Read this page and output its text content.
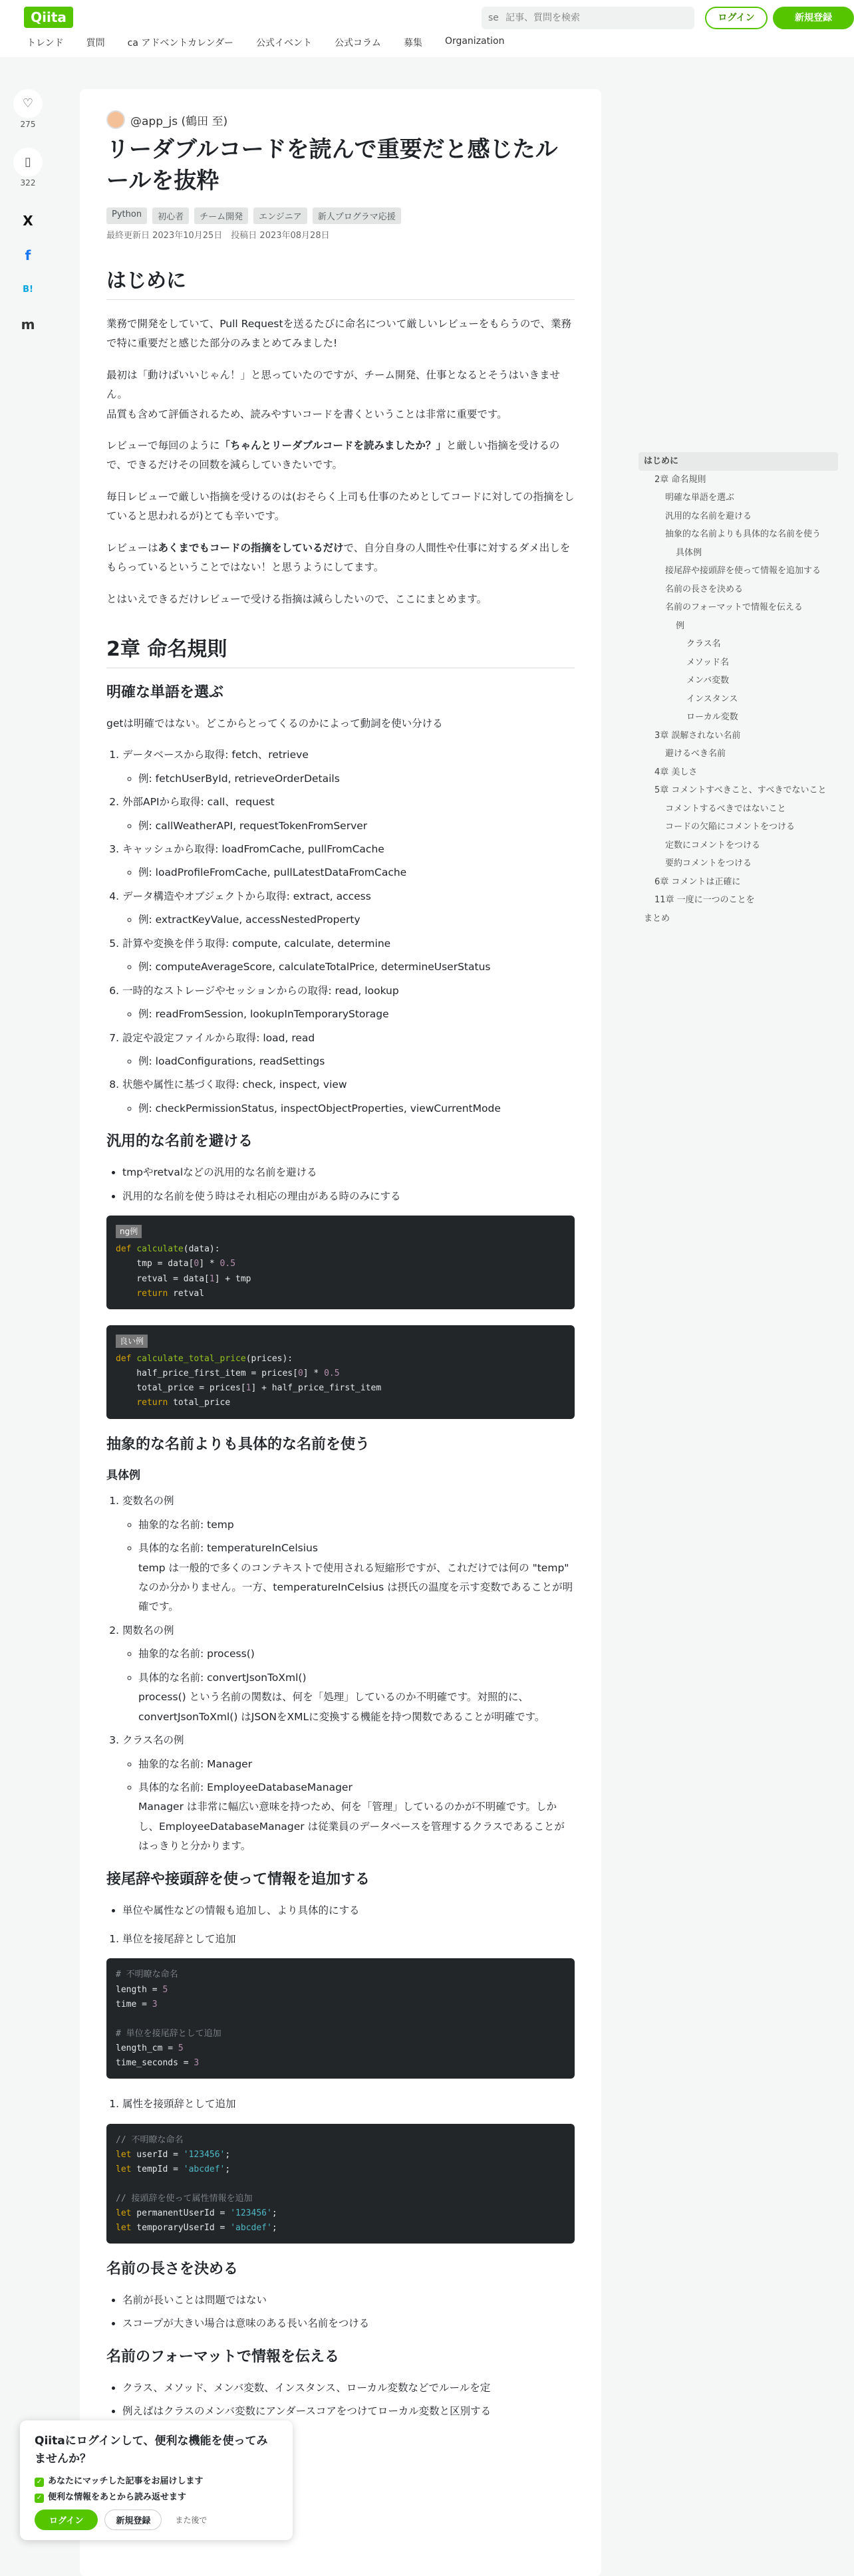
Qiita	se 記事、質問を検索	ログイン	新規登録
トレンド 質問 ca アドベントカレンダー 公式イベント 公式コラム 募集 Organization
♡
275
▯
322
X
f
B!
m
@app_js (鶴田 至)
リーダブルコードを読んで重要だと感じたルールを抜粋
Python	初心者	チーム開発	エンジニア	新人プログラマ応援
最終更新日 2023年10月25日　投稿日 2023年08月28日
はじめに

業務で開発をしていて、Pull Requestを送るたびに命名について厳しいレビューをもらうので、業務で特に重要だと感じた部分のみまとめてみました!

最初は「動けばいいじゃん！」と思っていたのですが、チーム開発、仕事となるとそうはいきません。
品質も含めて評価されるため、読みやすいコードを書くということは非常に重要です。

レビューで毎回のように「ちゃんとリーダブルコードを読みましたか？」と厳しい指摘を受けるので、できるだけその回数を減らしていきたいです。

毎日レビューで厳しい指摘を受けるのは(おそらく上司も仕事のためとしてコードに対しての指摘をしていると思われるが)とても辛いです。

レビューはあくまでもコードの指摘をしているだけで、自分自身の人間性や仕事に対するダメ出しをもらっているということではない！と思うようにしてます。

とはいえできるだけレビューで受ける指摘は減らしたいので、ここにまとめます。

2章 命名規則
明確な単語を選ぶ

getは明確ではない。どこからとってくるのかによって動詞を使い分ける

1. データベースから取得: fetch、retrieve
◦ 例: fetchUserById, retrieveOrderDetails
2. 外部APIから取得: call、request
◦ 例: callWeatherAPI, requestTokenFromServer
3. キャッシュから取得: loadFromCache, pullFromCache
◦ 例: loadProfileFromCache, pullLatestDataFromCache
4. データ構造やオブジェクトから取得: extract, access
◦ 例: extractKeyValue, accessNestedProperty
5. 計算や変換を伴う取得: compute, calculate, determine
◦ 例: computeAverageScore, calculateTotalPrice, determineUserStatus
6. 一時的なストレージやセッションからの取得: read, lookup
◦ 例: readFromSession, lookupInTemporaryStorage
7. 設定や設定ファイルから取得: load, read
◦ 例: loadConfigurations, readSettings
8. 状態や属性に基づく取得: check, inspect, view
◦ 例: checkPermissionStatus, inspectObjectProperties, viewCurrentMode
汎用的な名前を避ける
• tmpやretvalなどの汎用的な名前を避ける
• 汎用的な名前を使う時はそれ相応の理由がある時のみにする
ng例
def calculate(data):
tmp = data[0] * 0.5
retval = data[1] + tmp
return retval
良い例
def calculate_total_price(prices):
half_price_first_item = prices[0] * 0.5
total_price = prices[1] + half_price_first_item
return total_price
抽象的な名前よりも具体的な名前を使う
具体例
1. 変数名の例
◦ 抽象的な名前: temp
◦ 具体的な名前: temperatureInCelsius
temp は一般的で多くのコンテキストで使用される短縮形ですが、これだけでは何の "temp" なのか分かりません。一方、temperatureInCelsius は摂氏の温度を示す変数であることが明確です。
2. 関数名の例
◦ 抽象的な名前: process()
◦ 具体的な名前: convertJsonToXml()
process() という名前の関数は、何を「処理」しているのか不明確です。対照的に、convertJsonToXml() はJSONをXMLに変換する機能を持つ関数であることが明確です。
3. クラス名の例
◦ 抽象的な名前: Manager
◦ 具体的な名前: EmployeeDatabaseManager
Manager は非常に幅広い意味を持つため、何を「管理」しているのかが不明確です。しかし、EmployeeDatabaseManager は従業員のデータベースを管理するクラスであることがはっきりと分かります。
接尾辞や接頭辞を使って情報を追加する
• 単位や属性などの情報も追加し、より具体的にする
1. 単位を接尾辞として追加
# 不明瞭な命名
length = 5
time = 3

# 単位を接尾辞として追加
length_cm = 5
time_seconds = 3
1. 属性を接頭辞として追加
// 不明瞭な命名
let userId = '123456';
let tempId = 'abcdef';

// 接頭辞を使って属性情報を追加
let permanentUserId = '123456';
let temporaryUserId = 'abcdef';
名前の長さを決める
• 名前が長いことは問題ではない
• スコープが大きい場合は意味のある長い名前をつける
名前のフォーマットで情報を伝える
• クラス、メソッド、メンバ変数、インスタンス、ローカル変数などでルールを定
• 例えばはクラスのメンバ変数にアンダースコアをつけてローカル変数と区別する
はじめに
2章 命名規則
明確な単語を選ぶ
汎用的な名前を避ける
抽象的な名前よりも具体的な名前を使う
具体例
接尾辞や接頭辞を使って情報を追加する
名前の長さを決める
名前のフォーマットで情報を伝える
例
クラス名
メソッド名
メンバ変数
インスタンス
ローカル変数
3章 誤解されない名前
避けるべき名前
4章 美しさ
5章 コメントすべきこと、すべきでないこと
コメントするべきではないこと
コードの欠陥にコメントをつける
定数にコメントをつける
要約コメントをつける
6章 コメントは正確に
11章 一度に一つのことを
まとめ
Qiitaにログインして、便利な機能を使ってみませんか？
✓ あなたにマッチした記事をお届けします
✓ 便利な情報をあとから読み返せます
ログイン	新規登録	また後で
